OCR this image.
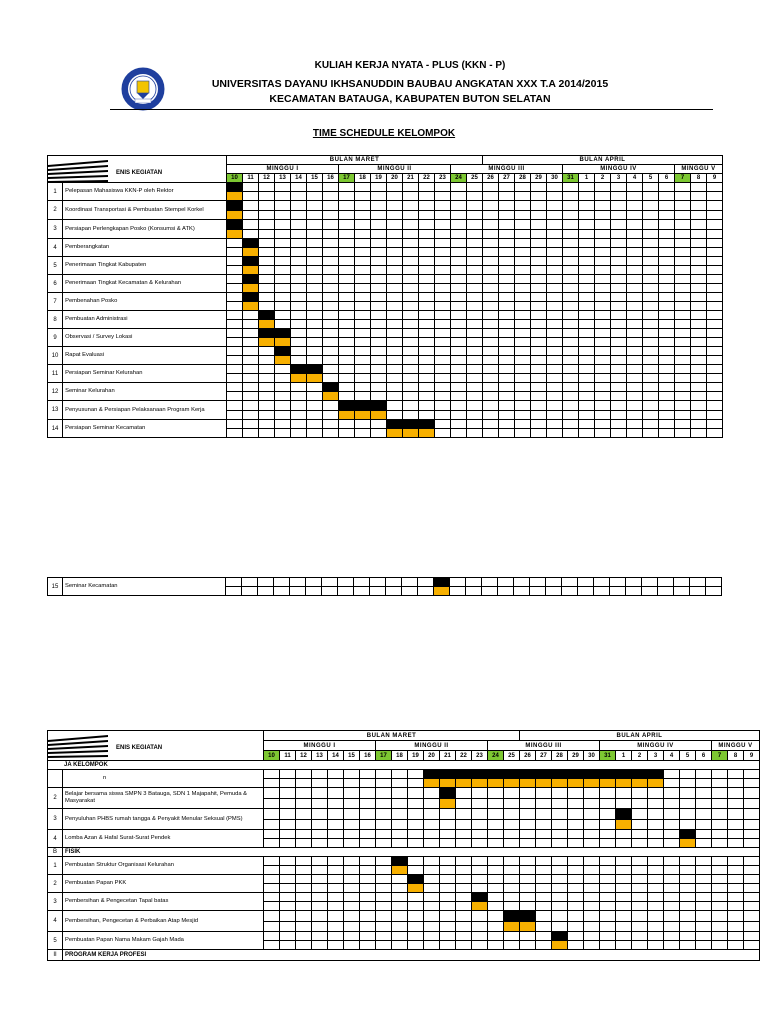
KULIAH KERJA NYATA - PLUS (KKN - P)
UNIVERSITAS DAYANU IKHSANUDDIN BAUBAU ANGKATAN XXX T.A 2014/2015
KECAMATAN BATAUGA, KABUPATEN BUTON SELATAN
TIME SCHEDULE KELOMPOK
ENIS KEGIATAN		BULAN MARET																BULAN APRIL														
		MINGGU I							MINGGU II							MINGGU III							MINGGU IV							MINGGU V		
		10	11	12	13	14	15	16	17	18	19	20	21	22	23	24	25	26	27	28	29	30	31	1	2	3	4	5	6	7	8	9
1	Pelepasan Mahasiswa KKN-P oleh Rektor																															

2	Koordinasi Transportasi & Pembuatan Stempel Korkel																															

3	Persiapan Perlengkapan Posko (Konsumsi & ATK)																															

4	Pemberangkatan																															

5	Penerimaan Tingkat Kabupaten																															

6	Penerimaan Tingkat Kecamatan & Kelurahan																															

7	Pembenahan Posko																															

8	Pembuatan Administrasi																															

9	Observasi / Survey Lokasi																															

10	Rapat Evaluasi																															

11	Persiapan Seminar Kelurahan																															

12	Seminar Kelurahan																															

13	Penyusunan & Persiapan Pelaksanaan Program Kerja																															

14	Persiapan Seminar Kecamatan																															

15	Seminar Kecamatan																															

ENIS KEGIATAN		BULAN MARET																BULAN APRIL														
		MINGGU I							MINGGU II							MINGGU III							MINGGU IV							MINGGU V		
		10	11	12	13	14	15	16	17	18	19	20	21	22	23	24	25	26	27	28	29	30	31	1	2	3	4	5	6	7	8	9
JA KELOMPOK																																
	n																															

2	Belajar bersama siswa SMPN 3 Batauga, SDN 1 Majapahit, Pemuda & Masyarakat																															

3	Penyuluhan PHBS rumah tangga & Penyakit Menular Seksual (PMS)																															

4	Lomba Azan & Hafal Surat-Surat Pendek																															

B	FISIK																															
1	Pembuatan Struktur Organisasi Kelurahan																															

2	Pembuatan Papan PKK																															

3	Pembersihan & Pengecetan Tapal batas																															

4	Pembersihan, Pengecetan & Perbaikan Atap Mesjid																															

5	Pembuatan Papan Nama Makam Gajah Mada																															

II	PROGRAM KERJA PROFESI																															
